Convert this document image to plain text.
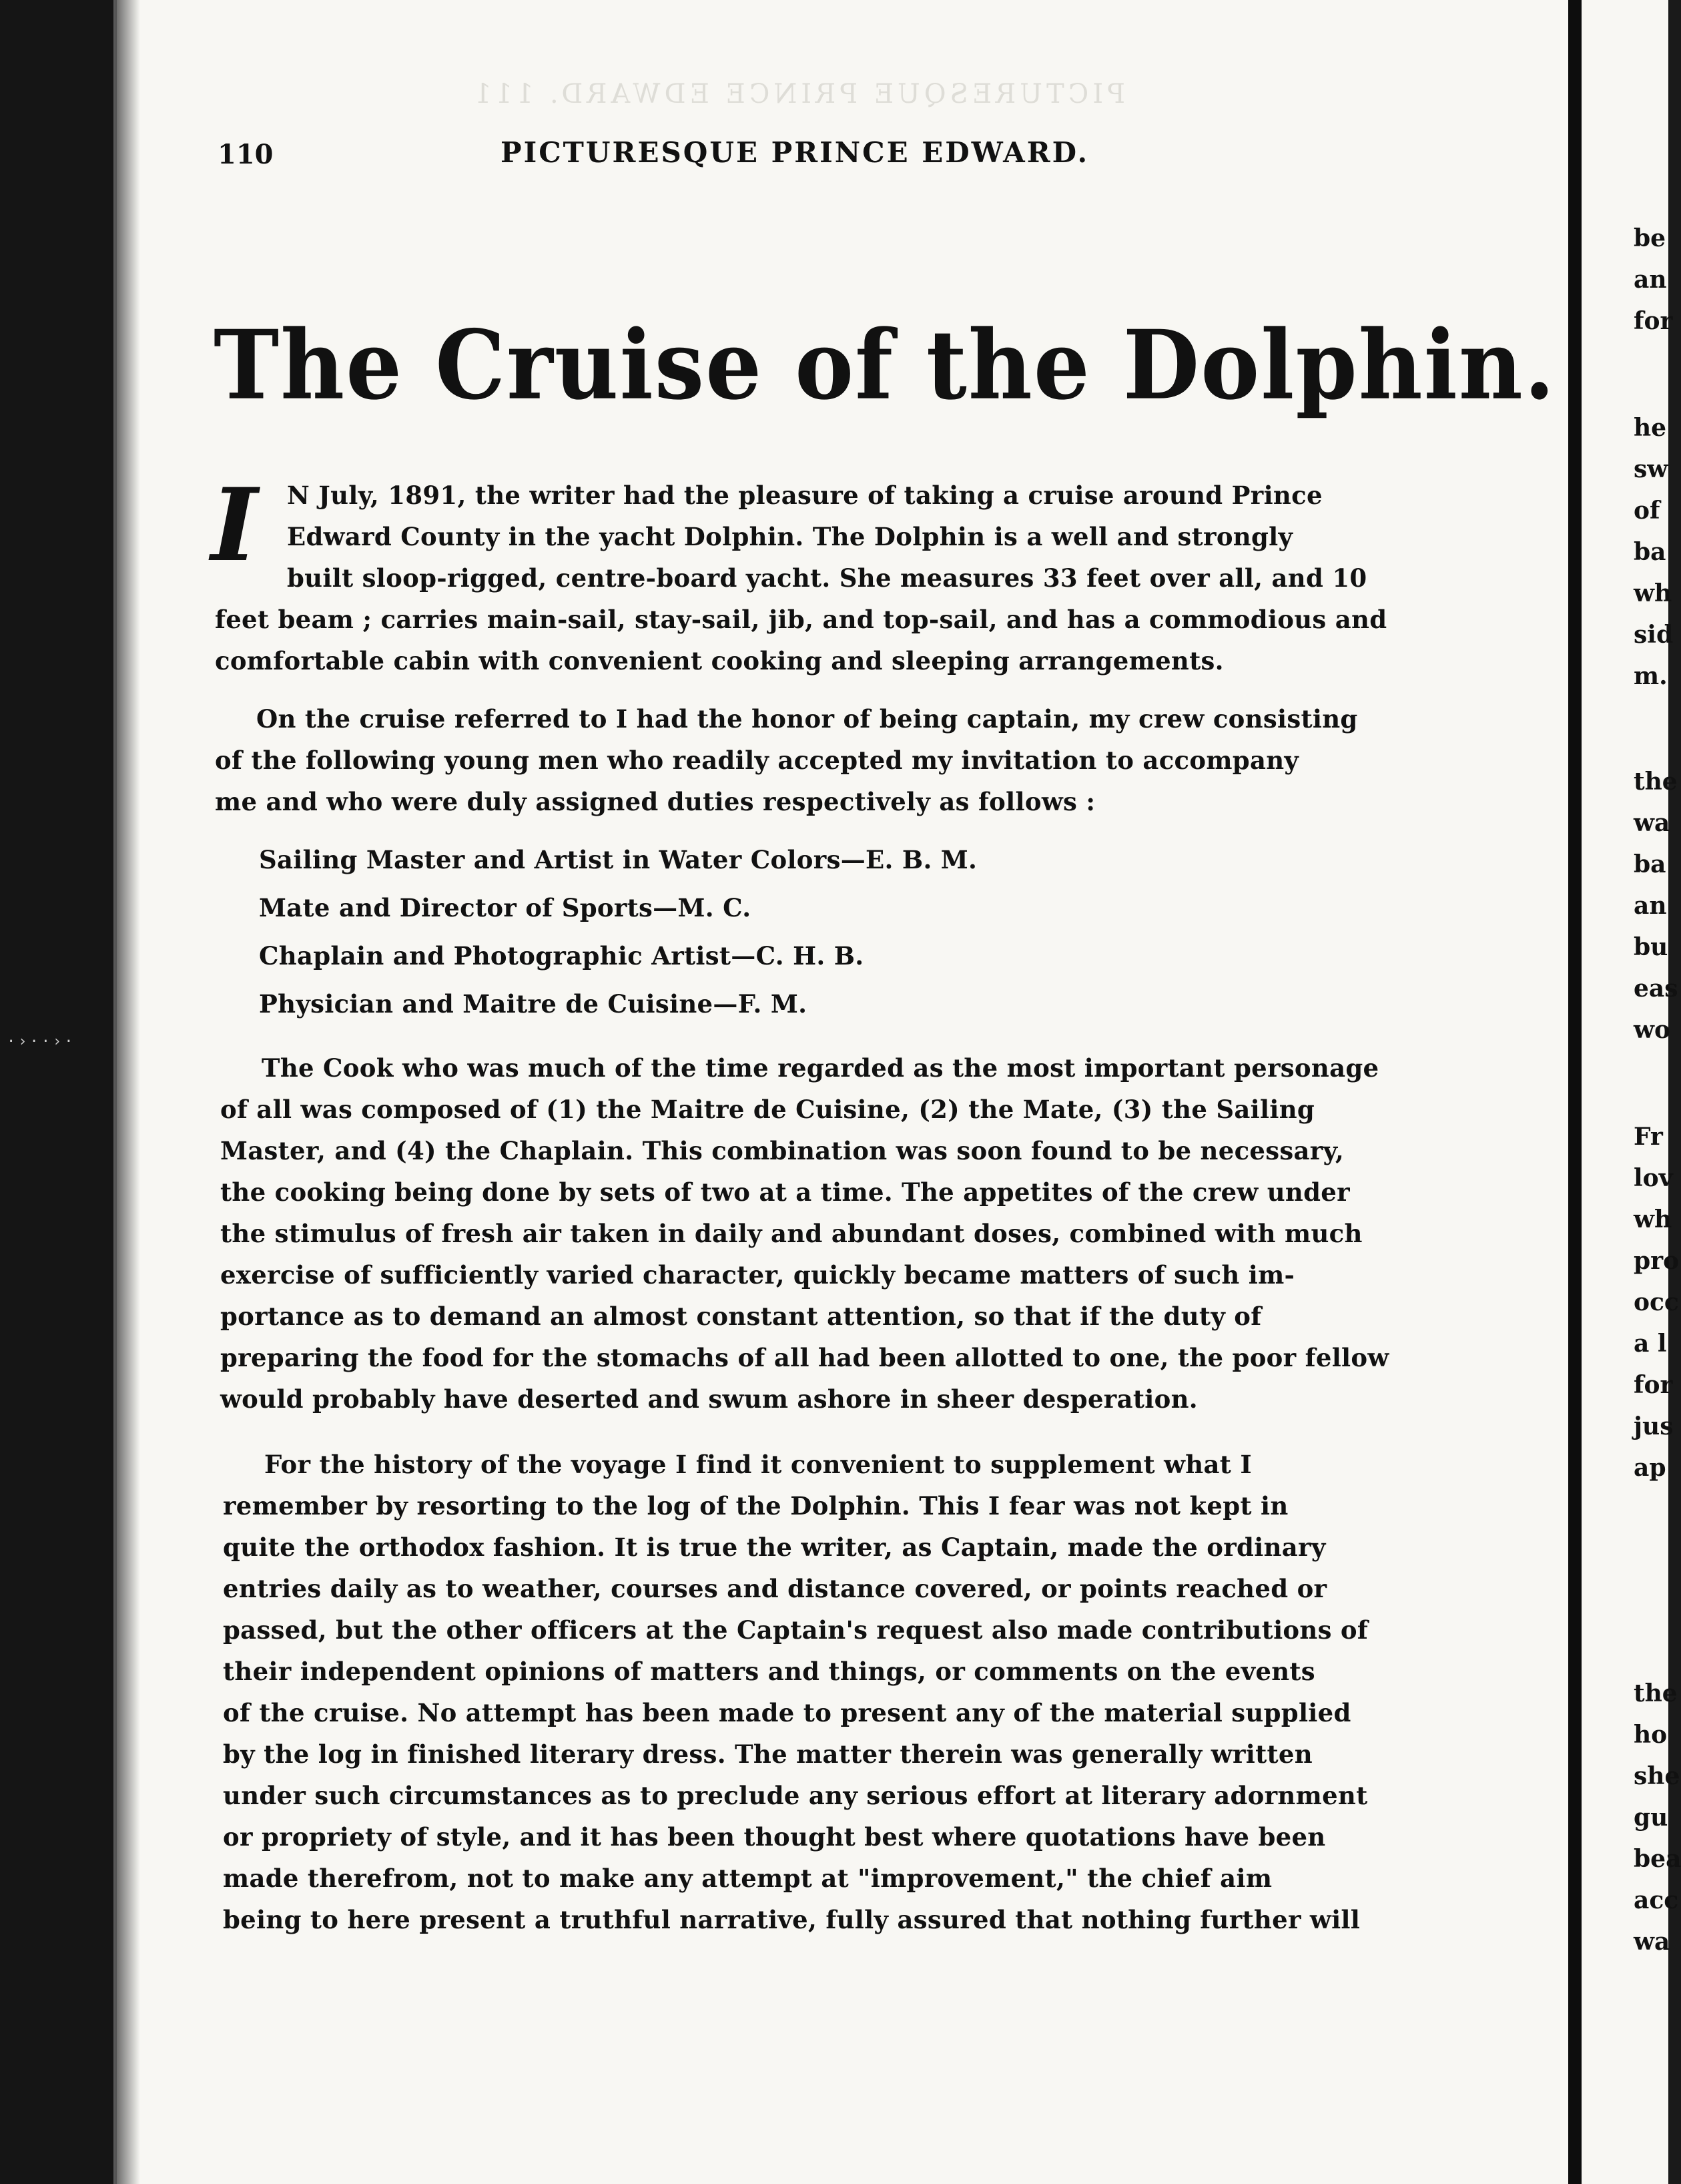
·›··›·
PICTURESQUE PRINCE EDWARD. 111
110	PICTURESQUE PRINCE EDWARD.
The Cruise of the Dolphin.
I N July, 1891, the writer had the pleasure of taking a cruise around Prince
Edward County in the yacht Dolphin. The Dolphin is a well and strongly
built sloop-rigged, centre-board yacht. She measures 33 feet over all, and 10
feet beam ; carries main-sail, stay-sail, jib, and top-sail, and has a commodious and
comfortable cabin with convenient cooking and sleeping arrangements.
On the cruise referred to I had the honor of being captain, my crew consisting
of the following young men who readily accepted my invitation to accompany
me and who were duly assigned duties respectively as follows :
Sailing Master and Artist in Water Colors—E. B. M.
Mate and Director of Sports—M. C.
Chaplain and Photographic Artist—C. H. B.
Physician and Maitre de Cuisine—F. M.
The Cook who was much of the time regarded as the most important personage
of all was composed of (1) the Maitre de Cuisine, (2) the Mate, (3) the Sailing
Master, and (4) the Chaplain. This combination was soon found to be necessary,
the cooking being done by sets of two at a time. The appetites of the crew under
the stimulus of fresh air taken in daily and abundant doses, combined with much
exercise of sufficiently varied character, quickly became matters of such im-
portance as to demand an almost constant attention, so that if the duty of
preparing the food for the stomachs of all had been allotted to one, the poor fellow
would probably have deserted and swum ashore in sheer desperation.
For the history of the voyage I find it convenient to supplement what I
remember by resorting to the log of the Dolphin. This I fear was not kept in
quite the orthodox fashion. It is true the writer, as Captain, made the ordinary
entries daily as to weather, courses and distance covered, or points reached or
passed, but the other officers at the Captain's request also made contributions of
their independent opinions of matters and things, or comments on the events
of the cruise. No attempt has been made to present any of the material supplied
by the log in finished literary dress. The matter therein was generally written
under such circumstances as to preclude any serious effort at literary adornment
or propriety of style, and it has been thought best where quotations have been
made therefrom, not to make any attempt at "improvement," the chief aim
being to here present a truthful narrative, fully assured that nothing further will
be
an
for
he
sw
of
ba
wh
sid
m.
the
wa
ba
an
bu
eas
wo
Fr
lov
wh
pro
occ
a l
for
jus
ap
the
ho
she
gu
bea
acc
wa
